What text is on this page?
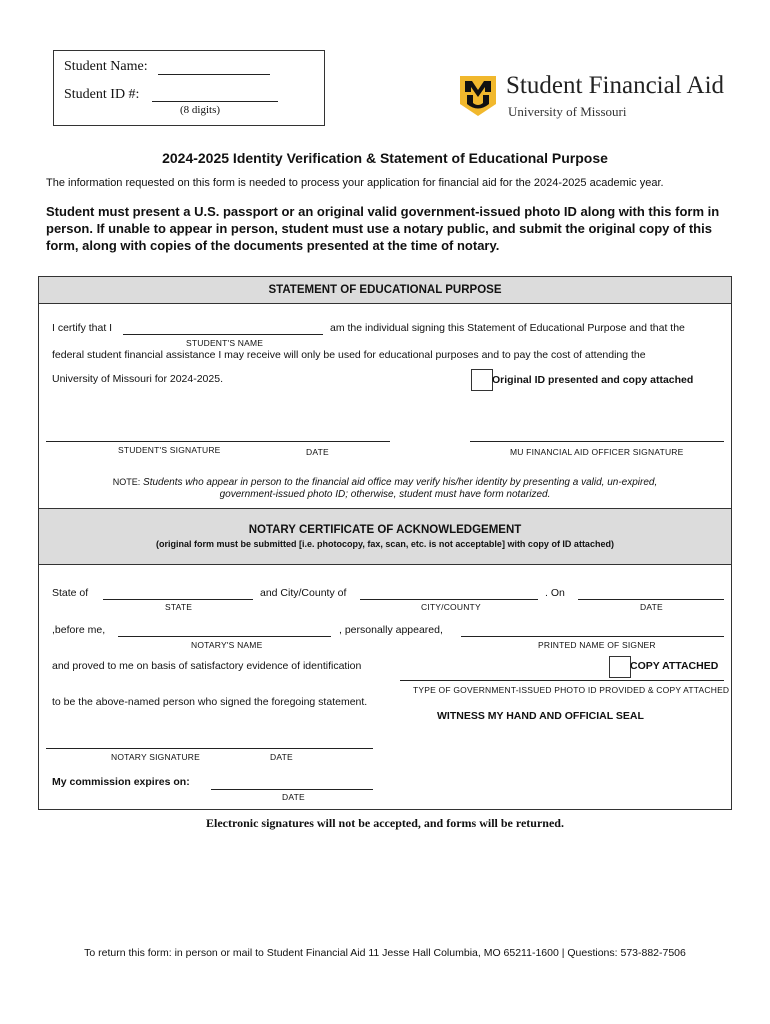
Student Name:
Student ID #:
(8 digits)
Student Financial Aid
University of Missouri
2024-2025 Identity Verification & Statement of Educational Purpose
The information requested on this form is needed to process your application for financial aid for the 2024-2025 academic year.
Student must present a U.S. passport or an original valid government-issued photo ID along with this form in person. If unable to appear in person, student must use a notary public, and submit the original copy of this form, along with copies of the documents presented at the time of notary.
STATEMENT OF EDUCATIONAL PURPOSE
I certify that I	am the individual signing this Statement of Educational Purpose and that the
STUDENT'S NAME
federal student financial assistance I may receive will only be used for educational purposes and to pay the cost of attending the
University of Missouri for 2024-2025.	Original ID presented and copy attached
STUDENT'S SIGNATURE	DATE	MU FINANCIAL AID OFFICER SIGNATURE
NOTE: Students who appear in person to the financial aid office may verify his/her identity by presenting a valid, un-expired,
government-issued photo ID; otherwise, student must have form notarized.
NOTARY CERTIFICATE OF ACKNOWLEDGEMENT
(original form must be submitted [i.e. photocopy, fax, scan, etc. is not acceptable] with copy of ID attached)
State of
STATE
and City/County of
CITY/COUNTY
. On
DATE
,before me,
NOTARY'S NAME
, personally appeared,
PRINTED NAME OF SIGNER
and proved to me on basis of satisfactory evidence of identification	COPY ATTACHED
TYPE OF GOVERNMENT-ISSUED PHOTO ID PROVIDED & COPY ATTACHED
to be the above-named person who signed the foregoing statement.
WITNESS MY HAND AND OFFICIAL SEAL
NOTARY SIGNATURE	DATE
My commission expires on:
DATE
Electronic signatures will not be accepted, and forms will be returned.
To return this form: in person or mail to Student Financial Aid 11 Jesse Hall Columbia, MO 65211-1600 | Questions: 573-882-7506
